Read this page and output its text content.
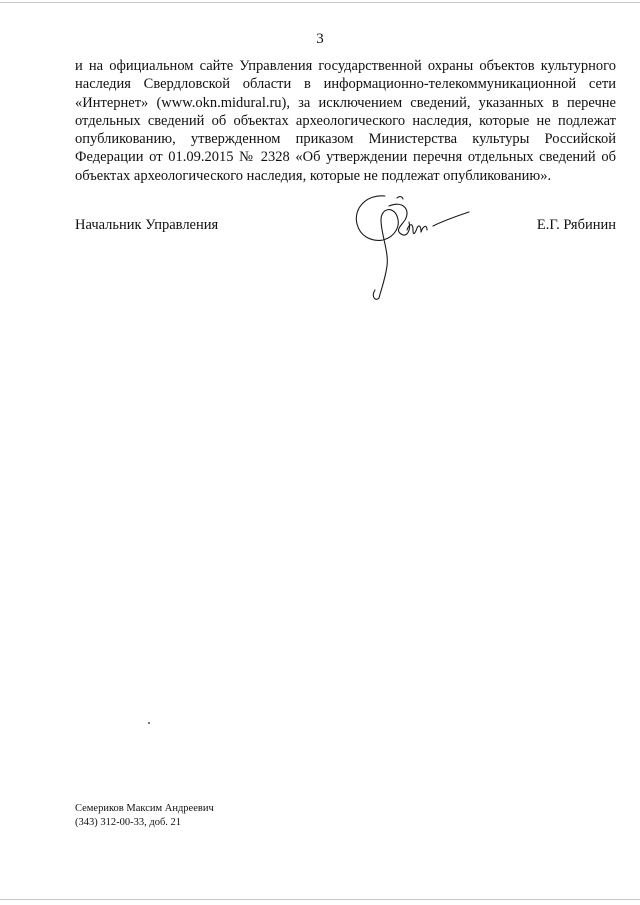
3

и на официальном сайте Управления государственной охраны объектов культурного наследия Свердловской области в информационно-телекоммуникационной сети «Интернет» (www.okn.midural.ru), за исключением сведений, указанных в перечне отдельных сведений об объектах археологического наследия, которые не подлежат опубликованию, утвержденном приказом Министерства культуры Российской Федерации от 01.09.2015 № 2328 «Об утверждении перечня отдельных сведений об объектах археологического наследия, которые не подлежат опубликованию».

Начальник Управления	Е.Г. Рябинин
Семериков Максим Андреевич
(343) 312-00-33, доб. 21
